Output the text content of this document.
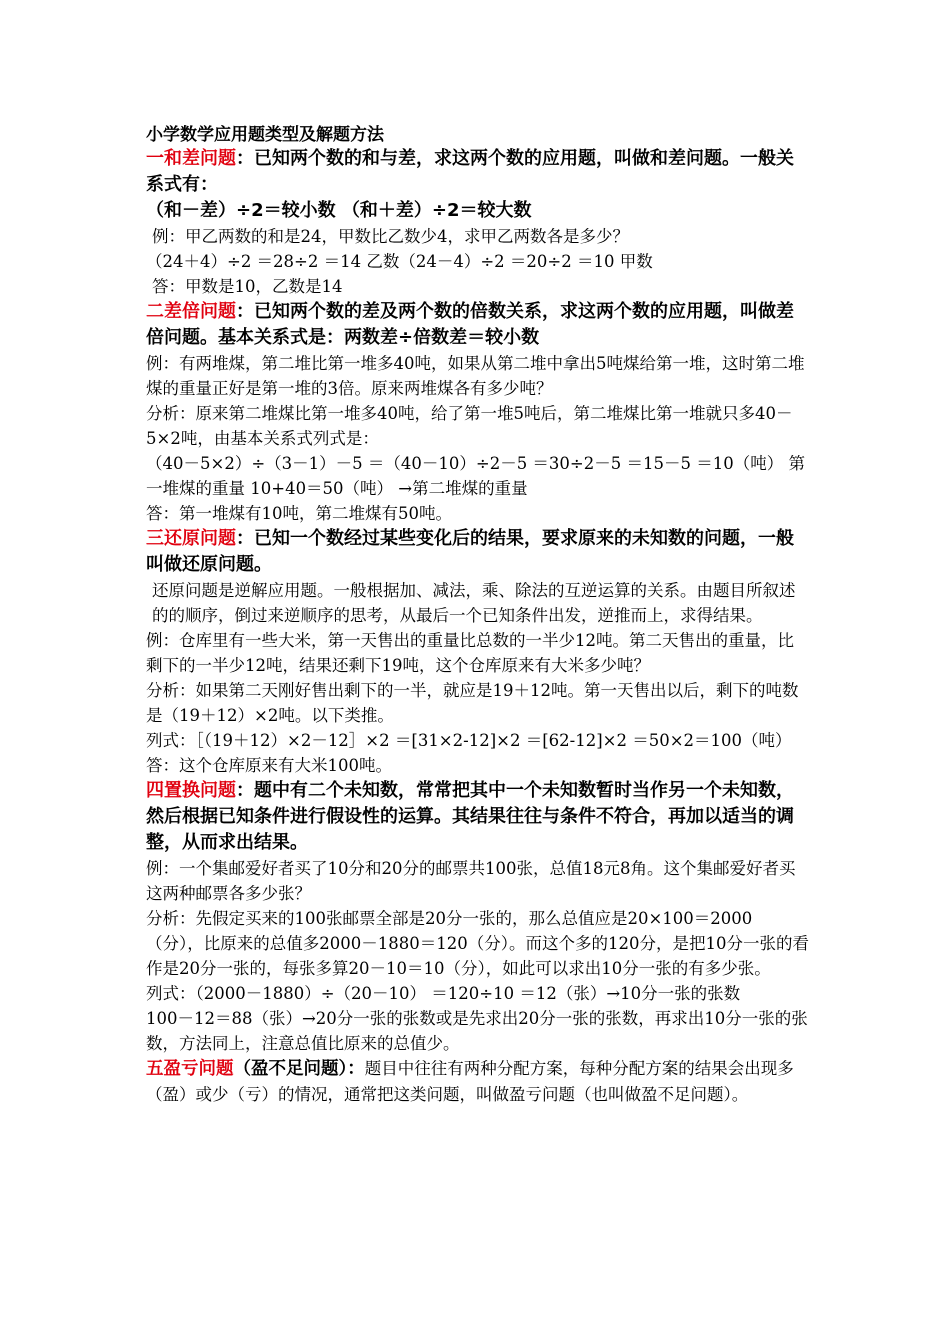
小学数学应用题类型及解题方法

一和差问题：已知两个数的和与差，求这两个数的应用题，叫做和差问题。一般关系式有：

（和－差）÷2＝较小数 （和＋差）÷2＝较大数

例：甲乙两数的和是24，甲数比乙数少4，求甲乙两数各是多少？

（24＋4）÷2 ＝28÷2 ＝14 乙数（24－4）÷2 ＝20÷2 ＝10 甲数

答：甲数是10，乙数是14

二差倍问题：已知两个数的差及两个数的倍数关系，求这两个数的应用题，叫做差倍问题。基本关系式是：两数差÷倍数差＝较小数

例：有两堆煤，第二堆比第一堆多40吨，如果从第二堆中拿出5吨煤给第一堆，这时第二堆煤的重量正好是第一堆的3倍。原来两堆煤各有多少吨？

分析：原来第二堆煤比第一堆多40吨，给了第一堆5吨后，第二堆煤比第一堆就只多40－5×2吨，由基本关系式列式是：

（40－5×2）÷（3－1）－5 ＝（40－10）÷2－5 ＝30÷2－5 ＝15－5 ＝10（吨） 第一堆煤的重量 10+40＝50（吨） →第二堆煤的重量

答：第一堆煤有10吨，第二堆煤有50吨。

三还原问题：已知一个数经过某些变化后的结果，要求原来的未知数的问题，一般叫做还原问题。

还原问题是逆解应用题。一般根据加、减法，乘、除法的互逆运算的关系。由题目所叙述的的顺序，倒过来逆顺序的思考，从最后一个已知条件出发，逆推而上，求得结果。

例：仓库里有一些大米，第一天售出的重量比总数的一半少12吨。第二天售出的重量，比剩下的一半少12吨，结果还剩下19吨，这个仓库原来有大米多少吨？

分析：如果第二天刚好售出剩下的一半，就应是19＋12吨。第一天售出以后，剩下的吨数是（19＋12）×2吨。以下类推。

列式：［（19＋12）×2－12］×2 ＝[31×2-12]×2 ＝[62-12]×2 ＝50×2＝100（吨）答：这个仓库原来有大米100吨。

四置换问题：题中有二个未知数，常常把其中一个未知数暂时当作另一个未知数，然后根据已知条件进行假设性的运算。其结果往往与条件不符合，再加以适当的调整，从而求出结果。

例：一个集邮爱好者买了10分和20分的邮票共100张，总值18元8角。这个集邮爱好者买这两种邮票各多少张？

分析：先假定买来的100张邮票全部是20分一张的，那么总值应是20×100＝2000（分），比原来的总值多2000－1880＝120（分）。而这个多的120分，是把10分一张的看作是20分一张的，每张多算20－10＝10（分），如此可以求出10分一张的有多少张。

列式：（2000－1880）÷（20－10） ＝120÷10 ＝12（张）→10分一张的张数

100－12＝88（张）→20分一张的张数或是先求出20分一张的张数，再求出10分一张的张数，方法同上，注意总值比原来的总值少。

五盈亏问题（盈不足问题）：题目中往往有两种分配方案，每种分配方案的结果会出现多（盈）或少（亏）的情况，通常把这类问题，叫做盈亏问题（也叫做盈不足问题）。
